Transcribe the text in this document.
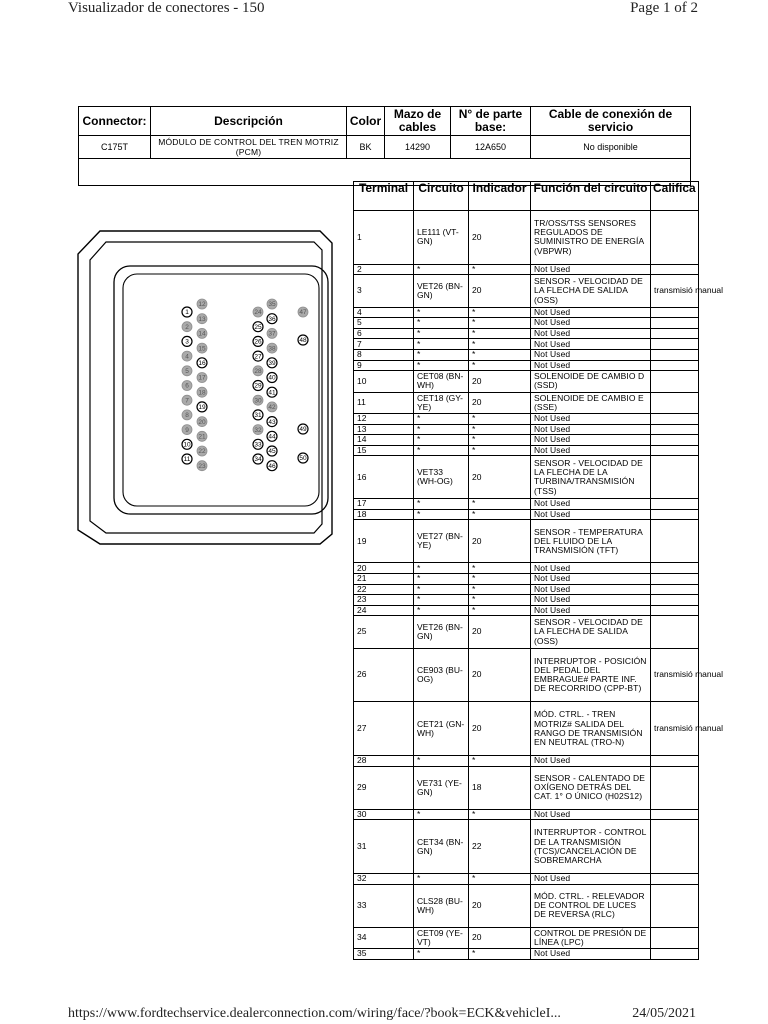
Visualizador de conectores - 150	Page 1 of 2
Connector:	Descripción	Color	Mazo de cables	N° de parte base:	Cable de conexión de servicio
C175T	MÓDULO DE CONTROL DEL TREN MOTRIZ (PCM)	BK	14290	12A650	No disponible

1
2
3
4
5
6
7
8
9
10
11
12
13
14
15
16
17
18
19
20
21
22
23
24
25
26
27
28
29
30
31
32
33
34
35
36
37
38
39
40
41
42
43
44
45
46
47
48
49
50
Terminal	Circuito	Indicador	Función del circuito	Califica
1	LE111 (VT-GN)	20	TR/OSS/TSS SENSORES REGULADOS DE SUMINISTRO DE ENERGÍA (VBPWR)	
2	*	*	Not Used	
3	VET26 (BN-GN)	20	SENSOR - VELOCIDAD DE LA FLECHA DE SALIDA (OSS)	transmisió manual
4	*	*	Not Used	
5	*	*	Not Used	
6	*	*	Not Used	
7	*	*	Not Used	
8	*	*	Not Used	
9	*	*	Not Used	
10	CET08 (BN-WH)	20	SOLENOIDE DE CAMBIO D (SSD)	
11	CET18 (GY-YE)	20	SOLENOIDE DE CAMBIO E (SSE)	
12	*	*	Not Used	
13	*	*	Not Used	
14	*	*	Not Used	
15	*	*	Not Used	
16	VET33 (WH-OG)	20	SENSOR - VELOCIDAD DE LA FLECHA DE LA TURBINA/TRANSMISIÓN (TSS)	
17	*	*	Not Used	
18	*	*	Not Used	
19	VET27 (BN-YE)	20	SENSOR - TEMPERATURA DEL FLUIDO DE LA TRANSMISIÓN (TFT)	
20	*	*	Not Used	
21	*	*	Not Used	
22	*	*	Not Used	
23	*	*	Not Used	
24	*	*	Not Used	
25	VET26 (BN-GN)	20	SENSOR - VELOCIDAD DE LA FLECHA DE SALIDA (OSS)	
26	CE903 (BU-OG)	20	INTERRUPTOR - POSICIÓN DEL PEDAL DEL EMBRAGUE# PARTE INF. DE RECORRIDO (CPP-BT)	transmisió manual
27	CET21 (GN-WH)	20	MÓD. CTRL. - TREN MOTRIZ# SALIDA DEL RANGO DE TRANSMISIÓN EN NEUTRAL (TRO-N)	transmisió manual
28	*	*	Not Used	
29	VE731 (YE-GN)	18	SENSOR - CALENTADO DE OXÍGENO DETRÁS DEL CAT. 1° O ÚNICO (H02S12)	
30	*	*	Not Used	
31	CET34 (BN-GN)	22	INTERRUPTOR - CONTROL DE LA TRANSMISIÓN (TCS)/CANCELACIÓN DE SOBREMARCHA	
32	*	*	Not Used	
33	CLS28 (BU-WH)	20	MÓD. CTRL. - RELEVADOR DE CONTROL DE LUCES DE REVERSA (RLC)	
34	CET09 (YE-VT)	20	CONTROL DE PRESIÓN DE LÍNEA (LPC)	
35	*	*	Not Used	
https://www.fordtechservice.dealerconnection.com/wiring/face/?book=ECK&vehicleI...	24/05/2021
